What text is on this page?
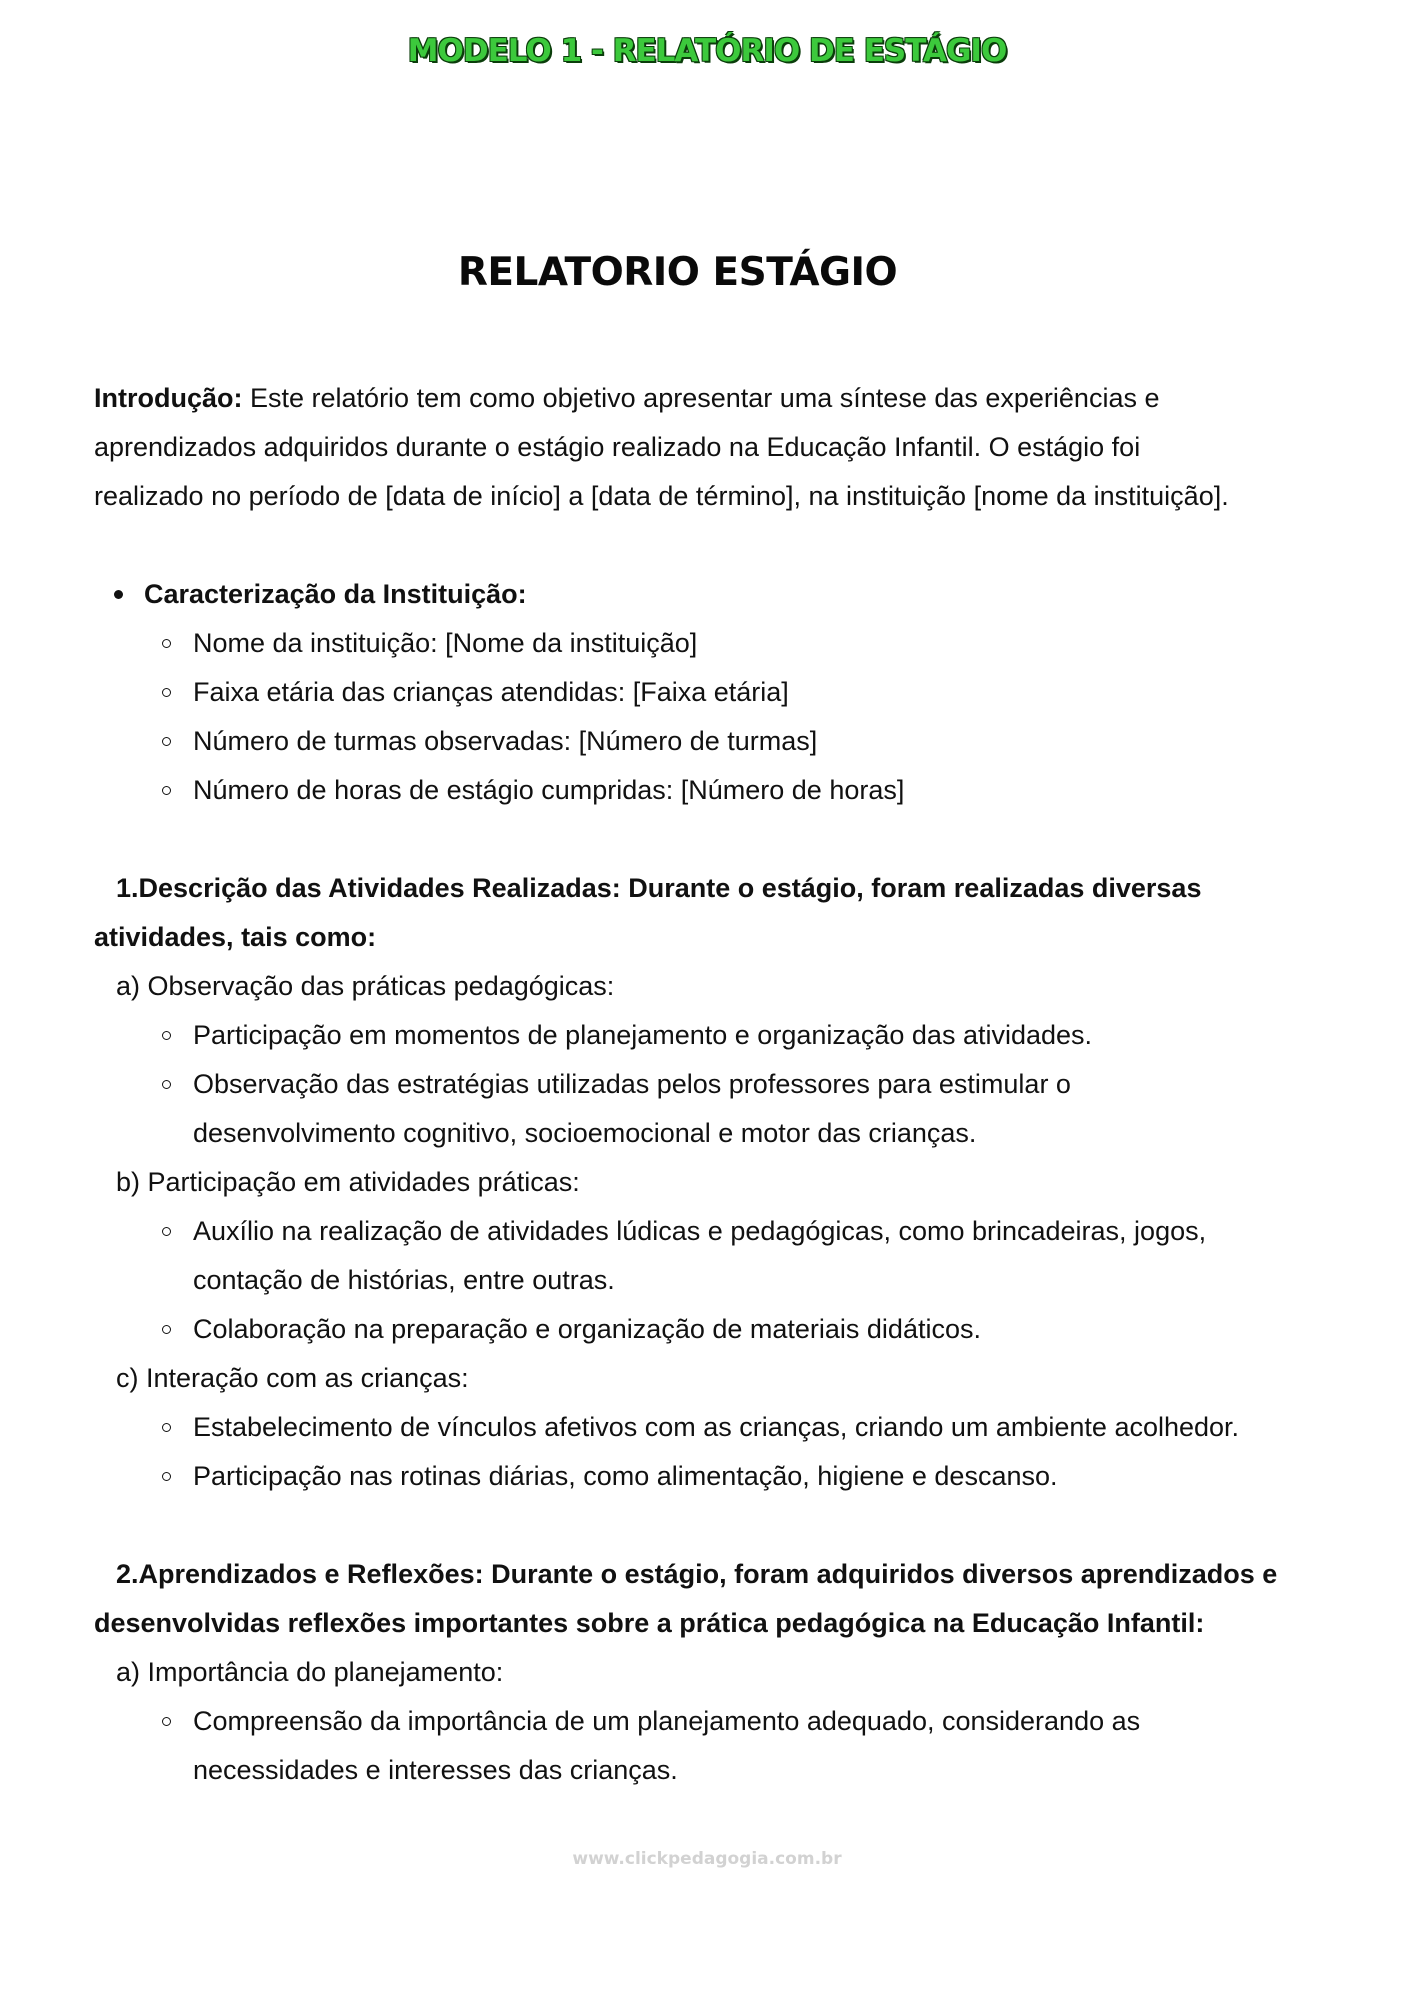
MODELO 1 - RELATÓRIO DE ESTÁGIO
RELATORIO ESTÁGIO

Introdução: Este relatório tem como objetivo apresentar uma síntese das experiências e

aprendizados adquiridos durante o estágio realizado na Educação Infantil. O estágio foi

realizado no período de [data de início] a [data de término], na instituição [nome da instituição].

Caracterização da Instituição:

Nome da instituição: [Nome da instituição]

Faixa etária das crianças atendidas: [Faixa etária]

Número de turmas observadas: [Número de turmas]

Número de horas de estágio cumpridas: [Número de horas]

1.Descrição das Atividades Realizadas: Durante o estágio, foram realizadas diversas

atividades, tais como:

a) Observação das práticas pedagógicas:

Participação em momentos de planejamento e organização das atividades.

Observação das estratégias utilizadas pelos professores para estimular o

desenvolvimento cognitivo, socioemocional e motor das crianças.

b) Participação em atividades práticas:

Auxílio na realização de atividades lúdicas e pedagógicas, como brincadeiras, jogos,

contação de histórias, entre outras.

Colaboração na preparação e organização de materiais didáticos.

c) Interação com as crianças:

Estabelecimento de vínculos afetivos com as crianças, criando um ambiente acolhedor.

Participação nas rotinas diárias, como alimentação, higiene e descanso.

2.Aprendizados e Reflexões: Durante o estágio, foram adquiridos diversos aprendizados e

desenvolvidas reflexões importantes sobre a prática pedagógica na Educação Infantil:

a) Importância do planejamento:

Compreensão da importância de um planejamento adequado, considerando as

necessidades e interesses das crianças.

www.clickpedagogia.com.br
